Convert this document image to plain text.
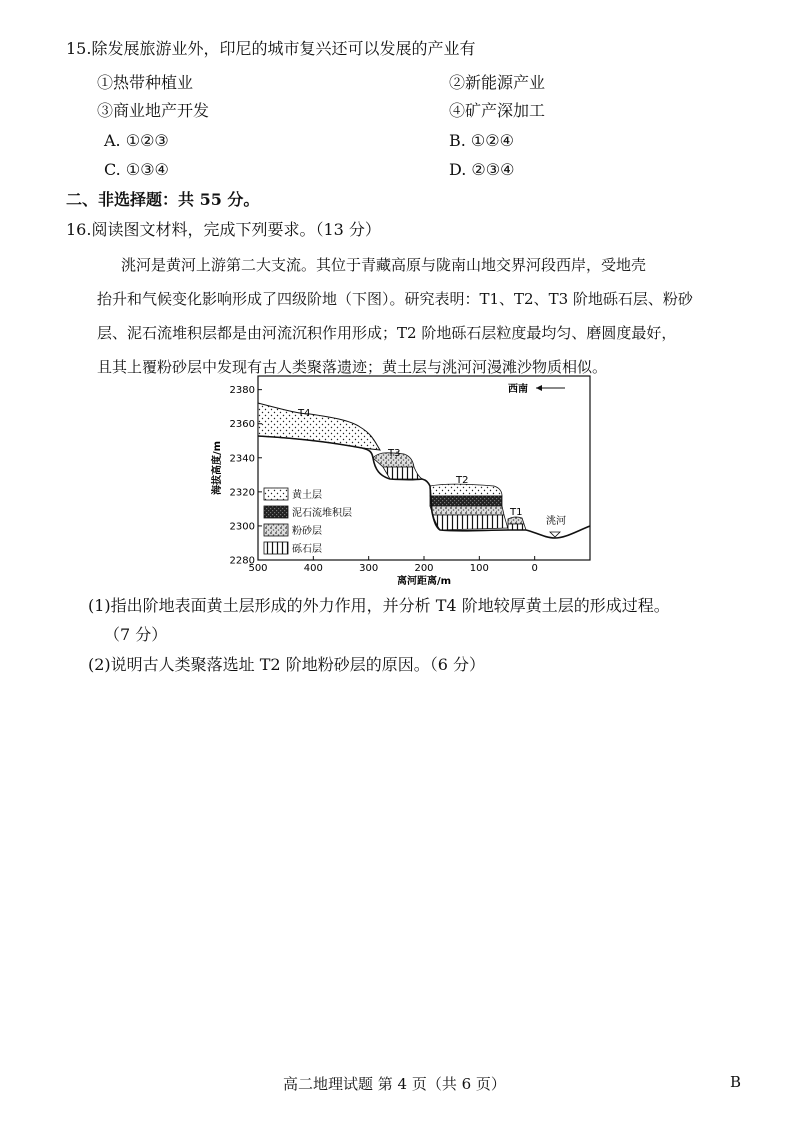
15.除发展旅游业外，印尼的城市复兴还可以发展的产业有
①热带种植业	②新能源产业
③商业地产开发	④矿产深加工
A. ①②③	B. ①②④
C. ①③④	D. ②③④
二、非选择题：共 55 分。
16.阅读图文材料，完成下列要求。（13 分）

洮河是黄河上游第二大支流。其位于青藏高原与陇南山地交界河段西岸，受地壳

抬升和气候变化影响形成了四级阶地（下图）。研究表明：T1、T2、T3 阶地砾石层、粉砂

层、泥石流堆积层都是由河流沉积作用形成；T2 阶地砾石层粒度最均匀、磨圆度最好，

且其上覆粉砂层中发现有古人类聚落遗迹；黄土层与洮河河漫滩沙物质相似。

2380
2360
2340
2320
2300
2280
500	400	300	200	100	0
海拔高度/m
离河距离/m
西南
T4
T3
T2
T1
洮河
黄土层
泥石流堆积层
粉砂层
砾石层
(1)指出阶地表面黄土层形成的外力作用，并分析 T4 阶地较厚黄土层的形成过程。
（7 分）
(2)说明古人类聚落选址 T2 阶地粉砂层的原因。（6 分）
高二地理试题 第 4 页（共 6 页）	B
